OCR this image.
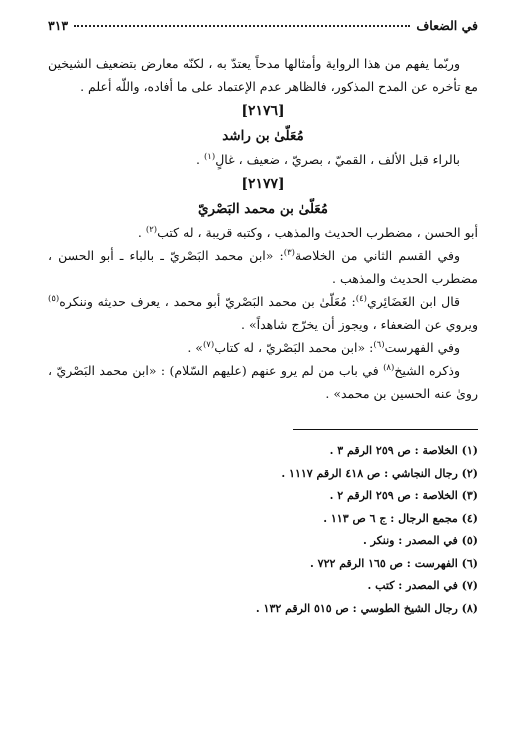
في الضعاف
٣١٣

وربّما يفهم من هذا الرواية وأمثالها مدحاً يعتدّ به ، لكنّه معارض بتضعيف الشيخين مع تأخره عن المدح المذكور، فالظاهر عدم الإعتماد على ما أفاده، واللّه أعلم .

[٢١٧٦]
مُعَلّىٰ بن راشد

بالراء قبل الألف ، القميّ ، بصريّ ، ضعيف ، غالٍ$^{(١)}$ .

[٢١٧٧]
مُعَلّىٰ بن محمد البَصْريّ

أبو الحسن ، مضطرب الحديث والمذهب ، وكتبه قريبة ، له كتب$^{(٢)}$ .

وفي القسم الثاني من الخلاصة$^{(٣)}$: «ابن محمد البَصْريّ ـ بالباء ـ أبو الحسن ، مضطرب الحديث والمذهب .

قال ابن الغَضَائِري$^{(٤)}$: مُعَلّىٰ بن محمد البَصْريّ أبو محمد ، يعرف حديثه وننكره$^{(٥)}$ ويروي عن الضعفاء ، ويجوز أن يخرّج شاهداً» .

وفي الفهرست$^{(٦)}$: «ابن محمد البَصْريّ ، له كتاب$^{(٧)}$» .

وذكره الشيخ$^{(٨)}$ في باب من لم يرو عنهم (عليهم السّلام) : «ابن محمد البَصْريّ ، روىٰ عنه الحسين بن محمد» .

(١) الخلاصة : ص ٢٥٩ الرقم ٣ .

(٢) رجال النجاشي : ص ٤١٨ الرقم ١١١٧ .

(٣) الخلاصة : ص ٢٥٩ الرقم ٢ .

(٤) مجمع الرجال : ج ٦ ص ١١٣ .

(٥) في المصدر : وننكر .

(٦) الفهرست : ص ١٦٥ الرقم ٧٢٢ .

(٧) في المصدر : كتب .

(٨) رجال الشيخ الطوسي : ص ٥١٥ الرقم ١٣٢ .
